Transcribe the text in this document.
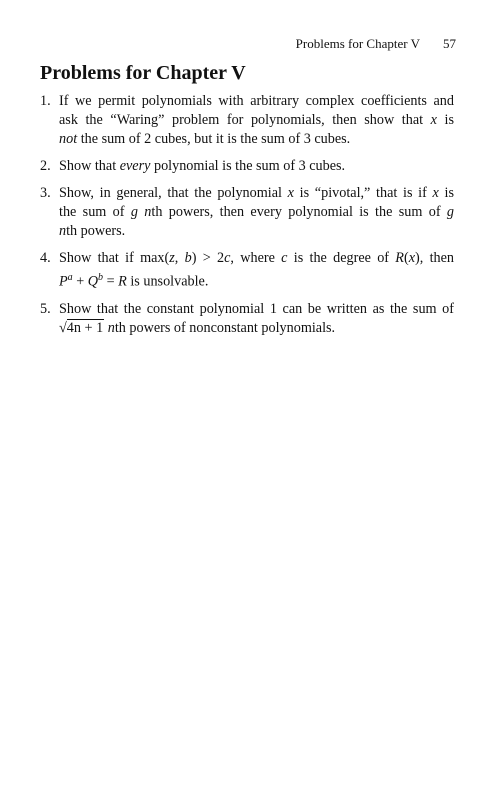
Problems for Chapter V 57
Problems for Chapter V
1. If we permit polynomials with arbitrary complex coefficients and
ask the “Waring” problem for polynomials, then show that x is
not the sum of 2 cubes, but it is the sum of 3 cubes.
2. Show that every polynomial is the sum of 3 cubes.
3. Show, in general, that the polynomial x is “pivotal,” that is if x is
the sum of g nth powers, then every polynomial is the sum of g
nth powers.
4. Show that if max(z, b) > 2c, where c is the degree of R(x), then
$P^a + Q^b = R$ is unsolvable.
5. Show that the constant polynomial 1 can be written as the sum of
√4n + 1 nth powers of nonconstant polynomials.
